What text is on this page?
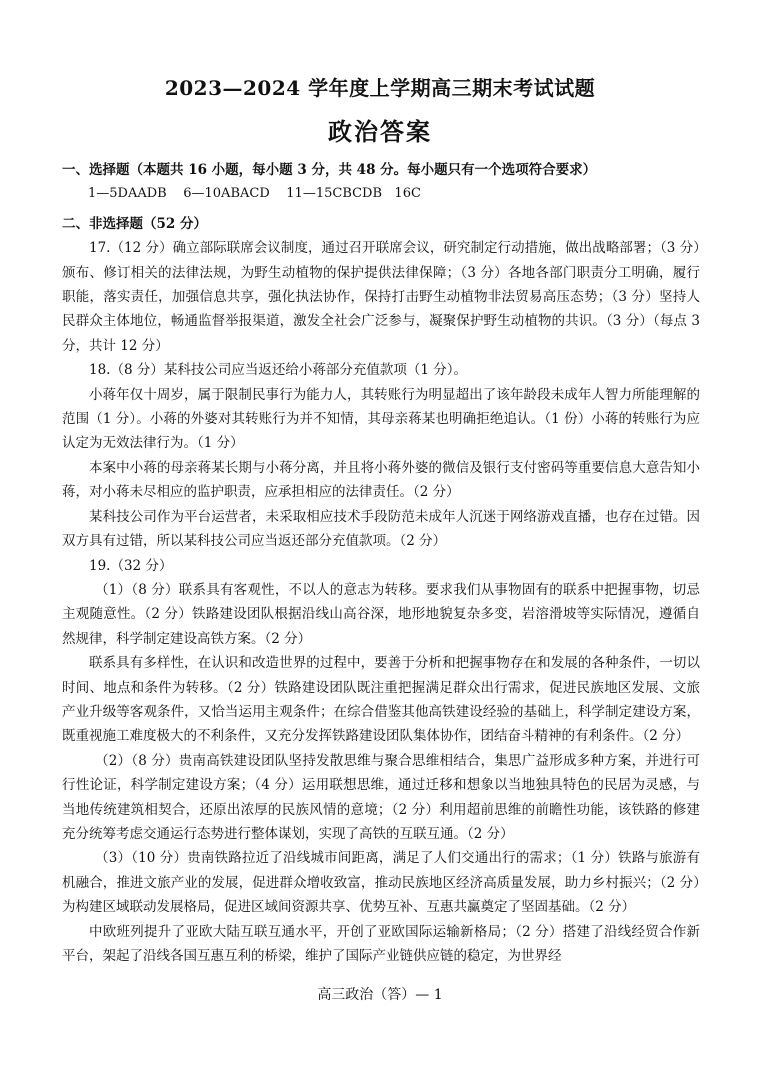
2023—2024 学年度上学期高三期末考试试题
政治答案

一、选择题（本题共 16 小题，每小题 3 分，共 48 分。每小题只有一个选项符合要求）

1—5DAADB    6—10ABACD    11—15CBCDB   16C

二、非选择题（52 分）

17.（12 分）确立部际联席会议制度，通过召开联席会议，研究制定行动措施，做出战略部署；（3 分）颁布、修订相关的法律法规，为野生动植物的保护提供法律保障；（3 分）各地各部门职责分工明确，履行职能，落实责任，加强信息共享，强化执法协作，保持打击野生动植物非法贸易高压态势；（3 分）坚持人民群众主体地位，畅通监督举报渠道，激发全社会广泛参与，凝聚保护野生动植物的共识。（3 分）（每点 3 分，共计 12 分）

18.（8 分）某科技公司应当返还给小蒋部分充值款项（1 分）。

小蒋年仅十周岁，属于限制民事行为能力人，其转账行为明显超出了该年龄段未成年人智力所能理解的范围（1 分）。小蒋的外婆对其转账行为并不知情，其母亲蒋某也明确拒绝追认。（1 份）小蒋的转账行为应认定为无效法律行为。（1 分）

本案中小蒋的母亲蒋某长期与小蒋分离，并且将小蒋外婆的微信及银行支付密码等重要信息大意告知小蒋，对小蒋未尽相应的监护职责，应承担相应的法律责任。（2 分）

某科技公司作为平台运营者，未采取相应技术手段防范未成年人沉迷于网络游戏直播，也存在过错。因双方具有过错，所以某科技公司应当返还部分充值款项。（2 分）

19.（32 分）

（1）（8 分）联系具有客观性，不以人的意志为转移。要求我们从事物固有的联系中把握事物，切忌主观随意性。（2 分）铁路建设团队根据沿线山高谷深，地形地貌复杂多变，岩溶滑坡等实际情况，遵循自然规律，科学制定建设高铁方案。（2 分）

联系具有多样性，在认识和改造世界的过程中，要善于分析和把握事物存在和发展的各种条件，一切以时间、地点和条件为转移。（2 分）铁路建设团队既注重把握满足群众出行需求，促进民族地区发展、文旅产业升级等客观条件，又恰当运用主观条件；在综合借鉴其他高铁建设经验的基础上，科学制定建设方案，既重视施工难度极大的不利条件，又充分发挥铁路建设团队集体协作，团结奋斗精神的有利条件。（2 分）

（2）（8 分）贵南高铁建设团队坚持发散思维与聚合思维相结合，集思广益形成多种方案，并进行可行性论证，科学制定建设方案；（4 分）运用联想思维，通过迁移和想象以当地独具特色的民居为灵感，与当地传统建筑相契合，还原出浓厚的民族风情的意境；（2 分）利用超前思维的前瞻性功能，该铁路的修建充分统筹考虑交通运行态势进行整体谋划，实现了高铁的互联互通。（2 分）

（3）（10 分）贵南铁路拉近了沿线城市间距离，满足了人们交通出行的需求；（1 分）铁路与旅游有机融合，推进文旅产业的发展，促进群众增收致富，推动民族地区经济高质量发展，助力乡村振兴；（2 分）为构建区域联动发展格局，促进区域间资源共享、优势互补、互惠共赢奠定了坚固基础。（2 分）

中欧班列提升了亚欧大陆互联互通水平，开创了亚欧国际运输新格局；（2 分）搭建了沿线经贸合作新平台，架起了沿线各国互惠互利的桥梁，维护了国际产业链供应链的稳定，为世界经

高三政治（答）— 1
